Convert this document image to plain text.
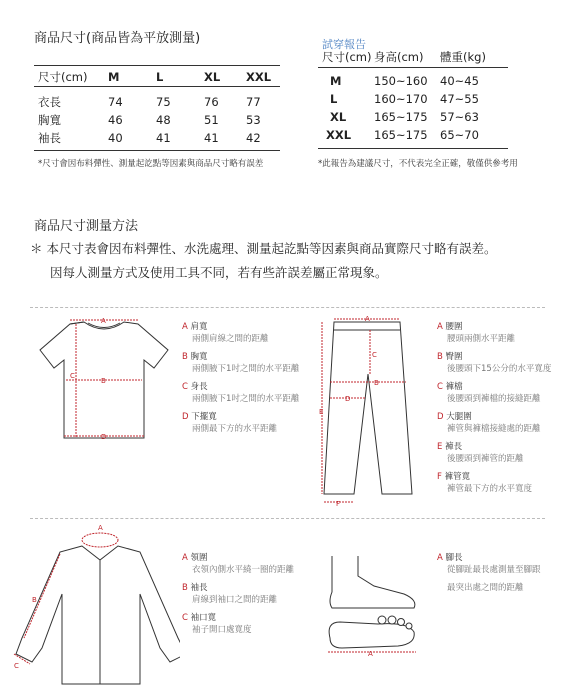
商品尺寸(商品皆為平放測量)
尺寸(cm)	M	L	XL	XXL

衣長	74	75	76	77
胸寬	46	48	51	53
袖長	40	41	41	42
*尺寸會因布料彈性、測量起訖點等因素與商品尺寸略有誤差
試穿報告
尺寸(cm)	身高(cm)	體重(kg)

M	150~160	40~45
L	160~170	47~55
XL	165~175	57~63
XXL	165~175	65~70
*此報告為建議尺寸，不代表完全正確，敬僅供參考用
商品尺寸測量方法
＊ 本尺寸表會因布料彈性、水洗處理、測量起訖點等因素與商品實際尺寸略有誤差。
因每人測量方式及使用工具不同，若有些許誤差屬正常現象。
A
B
C
D
A 肩寬
兩側肩線之間的距離
B 胸寬
兩側腋下1吋之間的水平距離
C 身長
兩側腋下1吋之間的水平距離
D 下擺寬
兩側最下方的水平距離
A
B
C
D
E
F
A 腰圍
腰頭兩側水平距離
B 臀圍
後腰頭下15公分的水平寬度
C 褲檔
後腰頭到褲檔的接縫距離
D 大腿圍
褲管與褲檔接縫處的距離
E 褲長
後腰頭到褲管的距離
F 褲管寬
褲管最下方的水平寬度
A
B
C
A 領圍
衣領內側水平繞一圈的距離
B 袖長
肩線到袖口之間的距離
C 袖口寬
袖子開口處寬度
A
A 腳長
從腳趾最長處測量至腳跟
最突出處之間的距離
